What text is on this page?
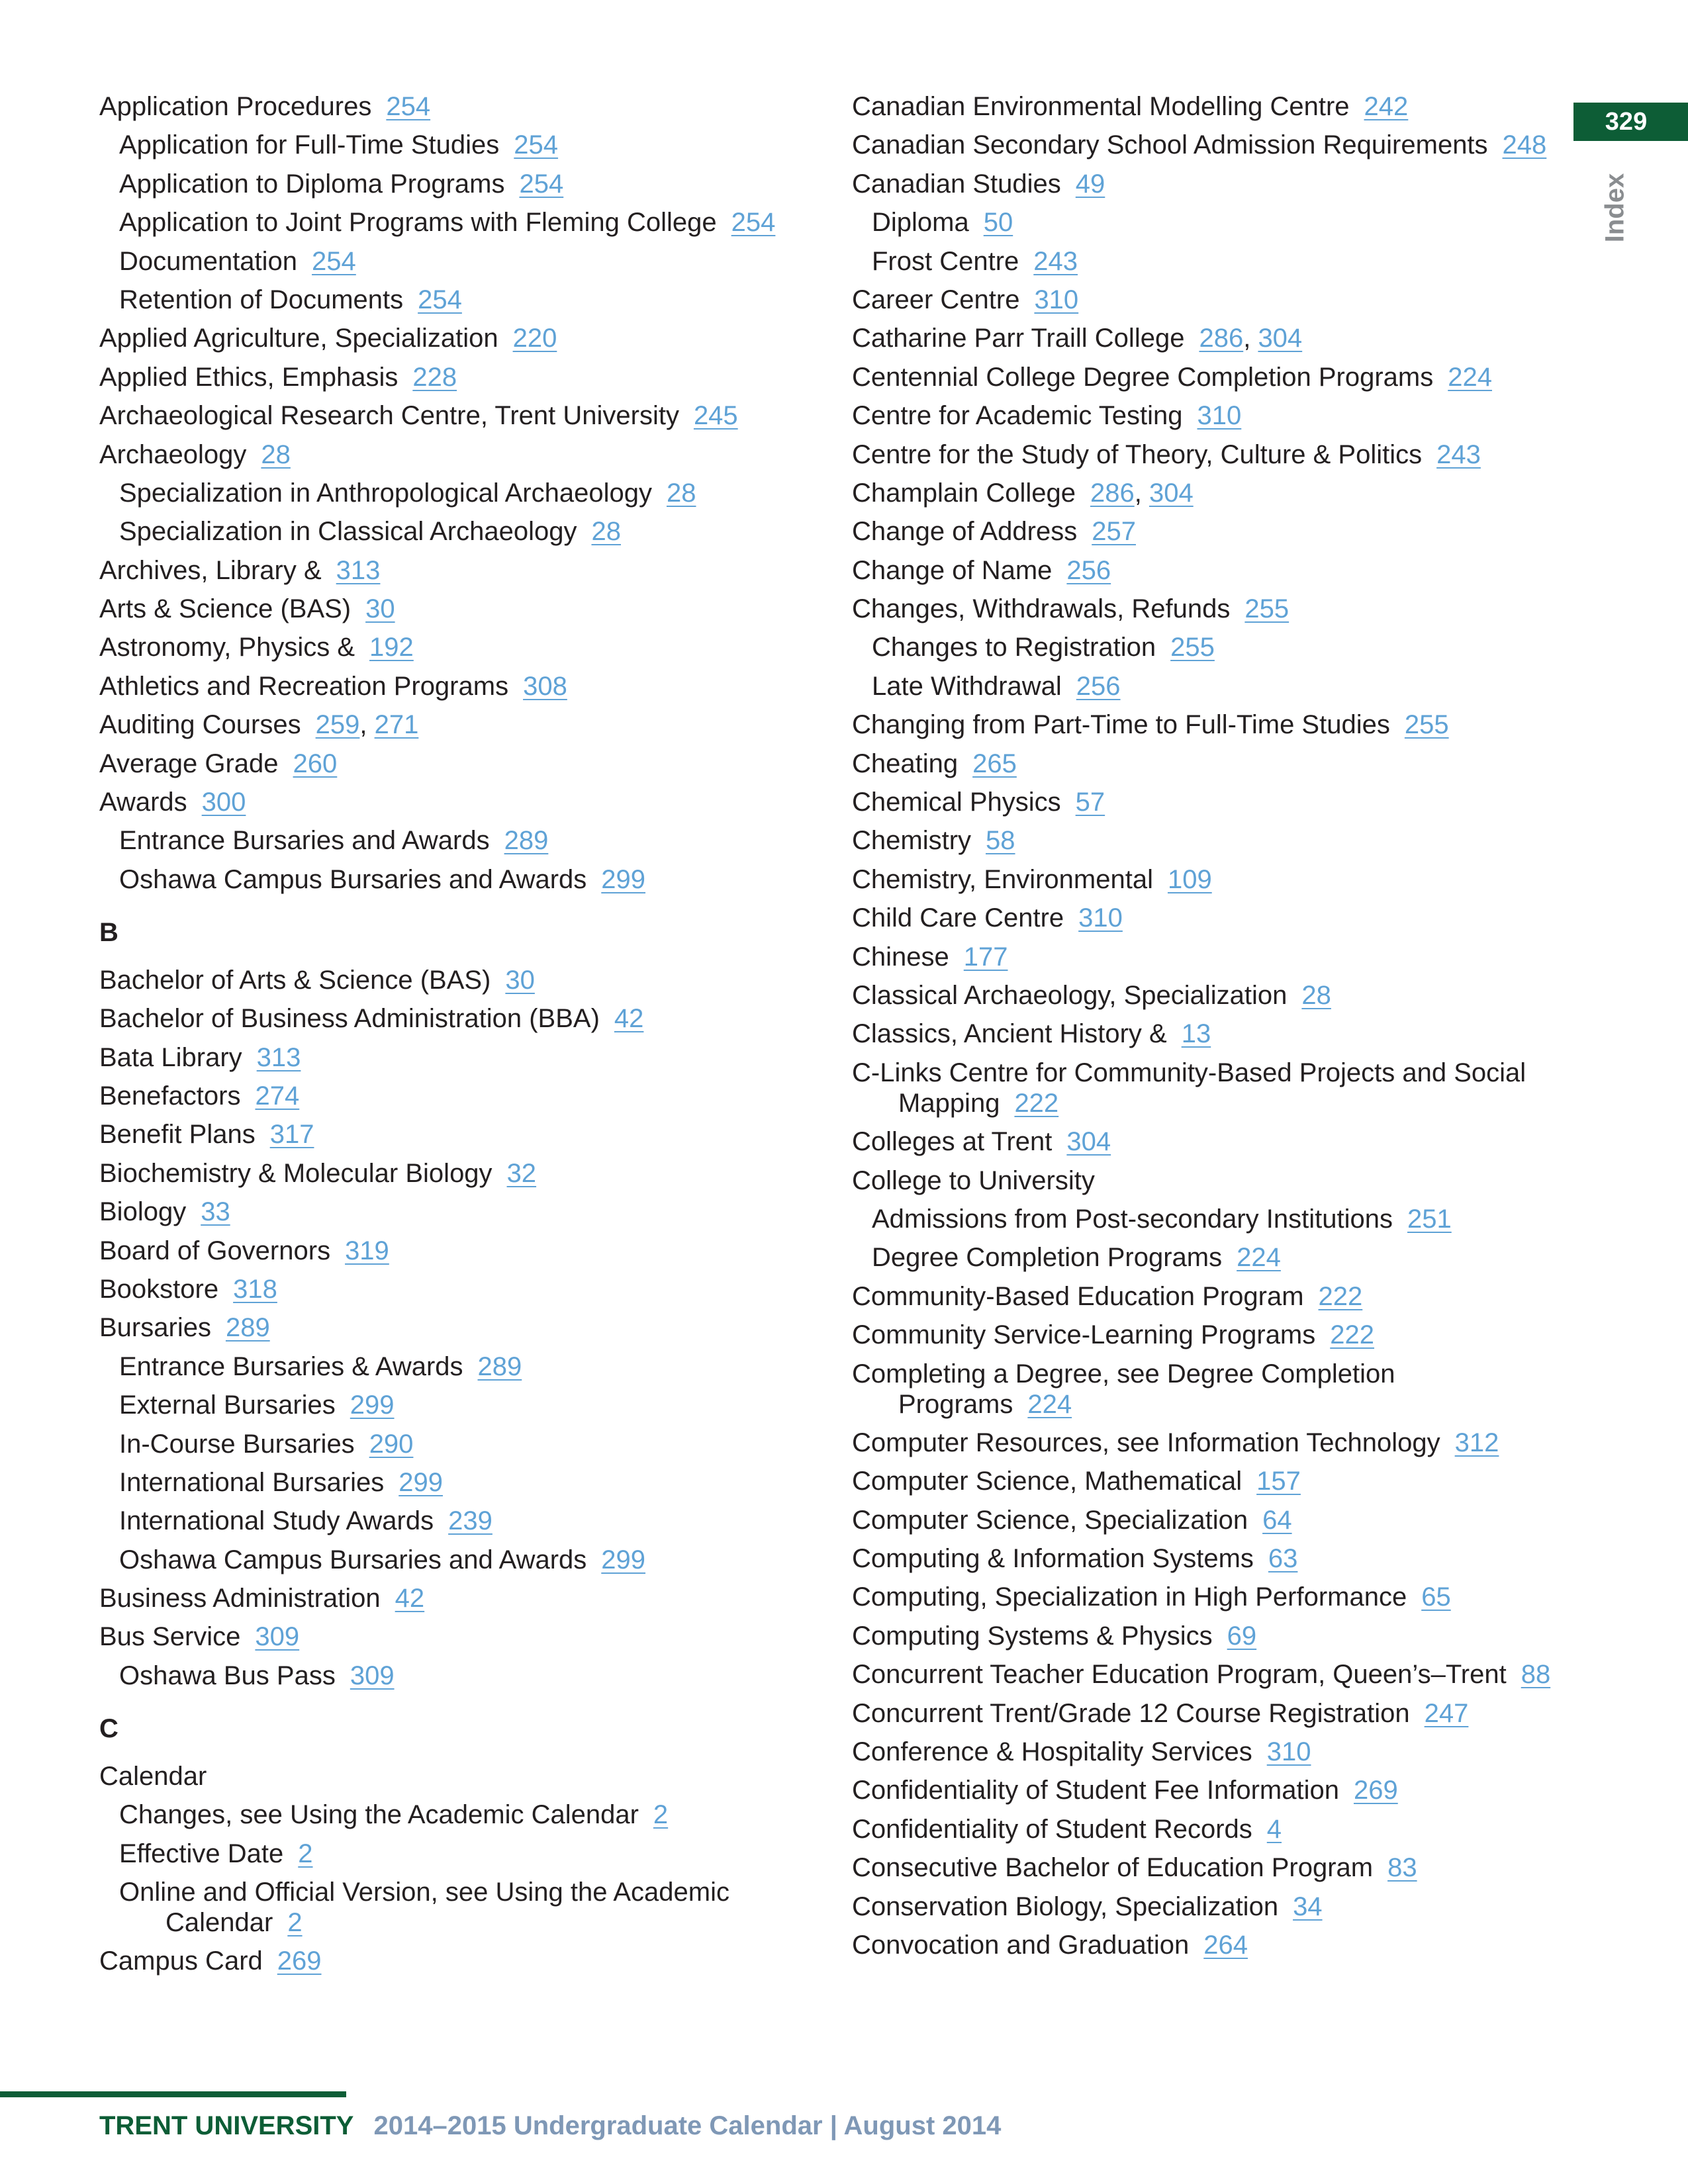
Application Procedures 254
Application for Full-Time Studies 254
Application to Diploma Programs 254
Application to Joint Programs with Fleming College 254
Documentation 254
Retention of Documents 254
Applied Agriculture, Specialization 220
Applied Ethics, Emphasis 228
Archaeological Research Centre, Trent University 245
Archaeology 28
Specialization in Anthropological Archaeology 28
Specialization in Classical Archaeology 28
Archives, Library & 313
Arts & Science (BAS) 30
Astronomy, Physics & 192
Athletics and Recreation Programs 308
Auditing Courses 259, 271
Average Grade 260
Awards 300
Entrance Bursaries and Awards 289
Oshawa Campus Bursaries and Awards 299
B
Bachelor of Arts & Science (BAS) 30
Bachelor of Business Administration (BBA) 42
Bata Library 313
Benefactors 274
Benefit Plans 317
Biochemistry & Molecular Biology 32
Biology 33
Board of Governors 319
Bookstore 318
Bursaries 289
Entrance Bursaries & Awards 289
External Bursaries 299
In-Course Bursaries 290
International Bursaries 299
International Study Awards 239
Oshawa Campus Bursaries and Awards 299
Business Administration 42
Bus Service 309
Oshawa Bus Pass 309
C
Calendar
Changes, see Using the Academic Calendar 2
Effective Date 2
Online and Official Version, see Using the Academic Calendar 2
Campus Card 269
Canadian Environmental Modelling Centre 242
Canadian Secondary School Admission Requirements 248
Canadian Studies 49
Diploma 50
Frost Centre 243
Career Centre 310
Catharine Parr Traill College 286, 304
Centennial College Degree Completion Programs 224
Centre for Academic Testing 310
Centre for the Study of Theory, Culture & Politics 243
Champlain College 286, 304
Change of Address 257
Change of Name 256
Changes, Withdrawals, Refunds 255
Changes to Registration 255
Late Withdrawal 256
Changing from Part-Time to Full-Time Studies 255
Cheating 265
Chemical Physics 57
Chemistry 58
Chemistry, Environmental 109
Child Care Centre 310
Chinese 177
Classical Archaeology, Specialization 28
Classics, Ancient History & 13
C-Links Centre for Community-Based Projects and Social Mapping 222
Colleges at Trent 304
College to University
Admissions from Post-secondary Institutions 251
Degree Completion Programs 224
Community-Based Education Program 222
Community Service-Learning Programs 222
Completing a Degree, see Degree Completion Programs 224
Computer Resources, see Information Technology 312
Computer Science, Mathematical 157
Computer Science, Specialization 64
Computing & Information Systems 63
Computing, Specialization in High Performance 65
Computing Systems & Physics 69
Concurrent Teacher Education Program, Queen’s–Trent 88
Concurrent Trent/Grade 12 Course Registration 247
Conference & Hospitality Services 310
Confidentiality of Student Fee Information 269
Confidentiality of Student Records 4
Consecutive Bachelor of Education Program 83
Conservation Biology, Specialization 34
Convocation and Graduation 264
329
Index
TRENT UNIVERSITY 2014–2015 Undergraduate Calendar | August 2014
